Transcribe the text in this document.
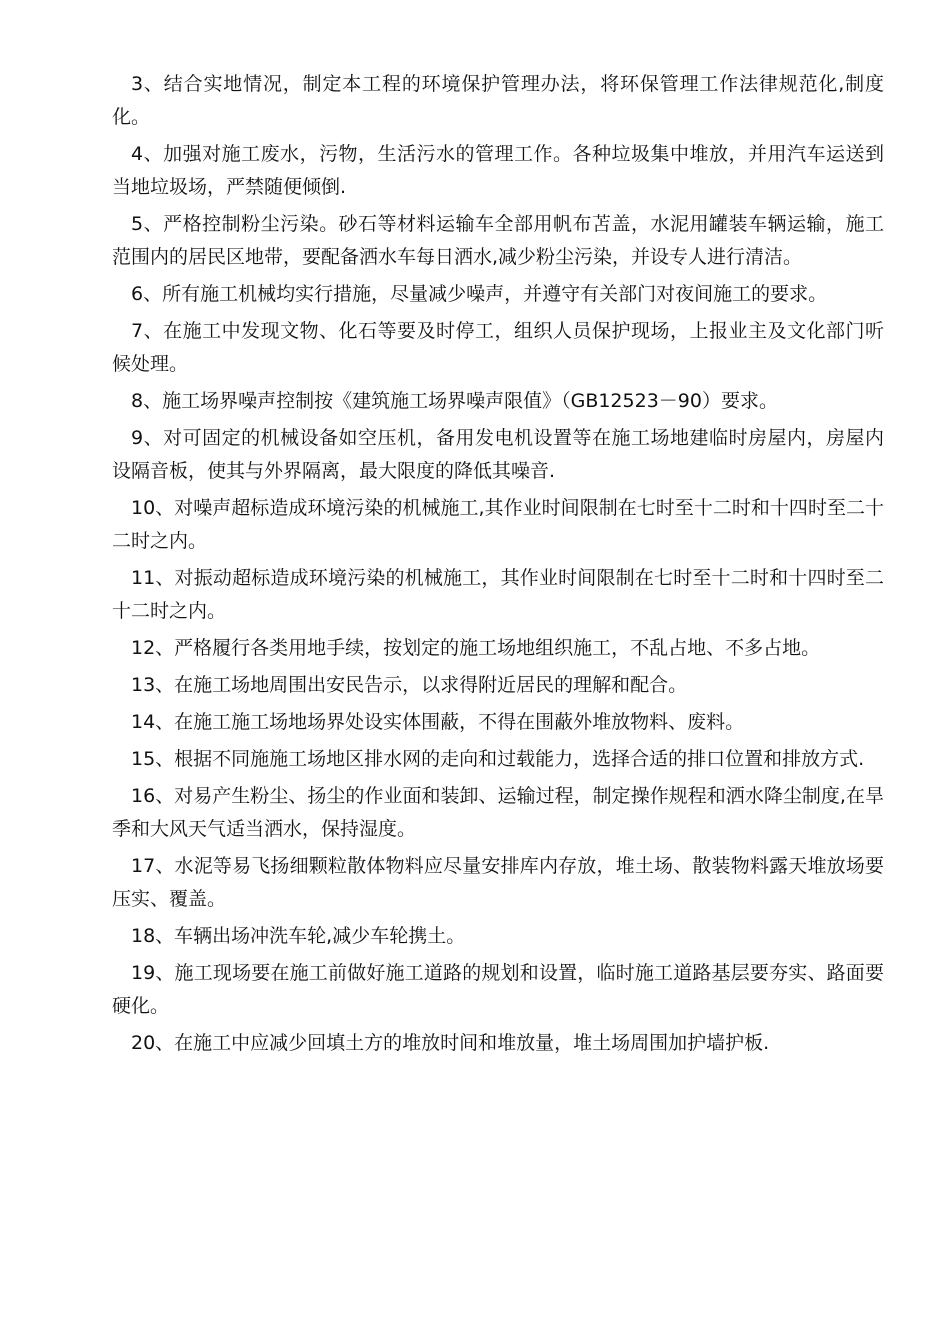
3、结合实地情况，制定本工程的环境保护管理办法，将环保管理工作法律规范化,制度化。

4、加强对施工废水，污物，生活污水的管理工作。各种垃圾集中堆放，并用汽车运送到当地垃圾场，严禁随便倾倒.

5、严格控制粉尘污染。砂石等材料运输车全部用帆布苫盖，水泥用罐装车辆运输，施工范围内的居民区地带，要配备洒水车每日洒水,减少粉尘污染，并设专人进行清洁。

6、所有施工机械均实行措施，尽量减少噪声，并遵守有关部门对夜间施工的要求。

7、在施工中发现文物、化石等要及时停工，组织人员保护现场，上报业主及文化部门听候处理。

8、施工场界噪声控制按《建筑施工场界噪声限值》（GB12523－90）要求。

9、对可固定的机械设备如空压机，备用发电机设置等在施工场地建临时房屋内，房屋内设隔音板，使其与外界隔离，最大限度的降低其噪音.

10、对噪声超标造成环境污染的机械施工,其作业时间限制在七时至十二时和十四时至二十二时之内。

11、对振动超标造成环境污染的机械施工，其作业时间限制在七时至十二时和十四时至二十二时之内。

12、严格履行各类用地手续，按划定的施工场地组织施工，不乱占地、不多占地。

13、在施工场地周围出安民告示，以求得附近居民的理解和配合。

14、在施工施工场地场界处设实体围蔽，不得在围蔽外堆放物料、废料。

15、根据不同施施工场地区排水网的走向和过载能力，选择合适的排口位置和排放方式.

16、对易产生粉尘、扬尘的作业面和装卸、运输过程，制定操作规程和洒水降尘制度,在旱季和大风天气适当洒水，保持湿度。

17、水泥等易飞扬细颗粒散体物料应尽量安排库内存放，堆土场、散装物料露天堆放场要压实、覆盖。

18、车辆出场冲洗车轮,减少车轮携土。

19、施工现场要在施工前做好施工道路的规划和设置，临时施工道路基层要夯实、路面要硬化。

20、在施工中应减少回填土方的堆放时间和堆放量，堆土场周围加护墙护板.
